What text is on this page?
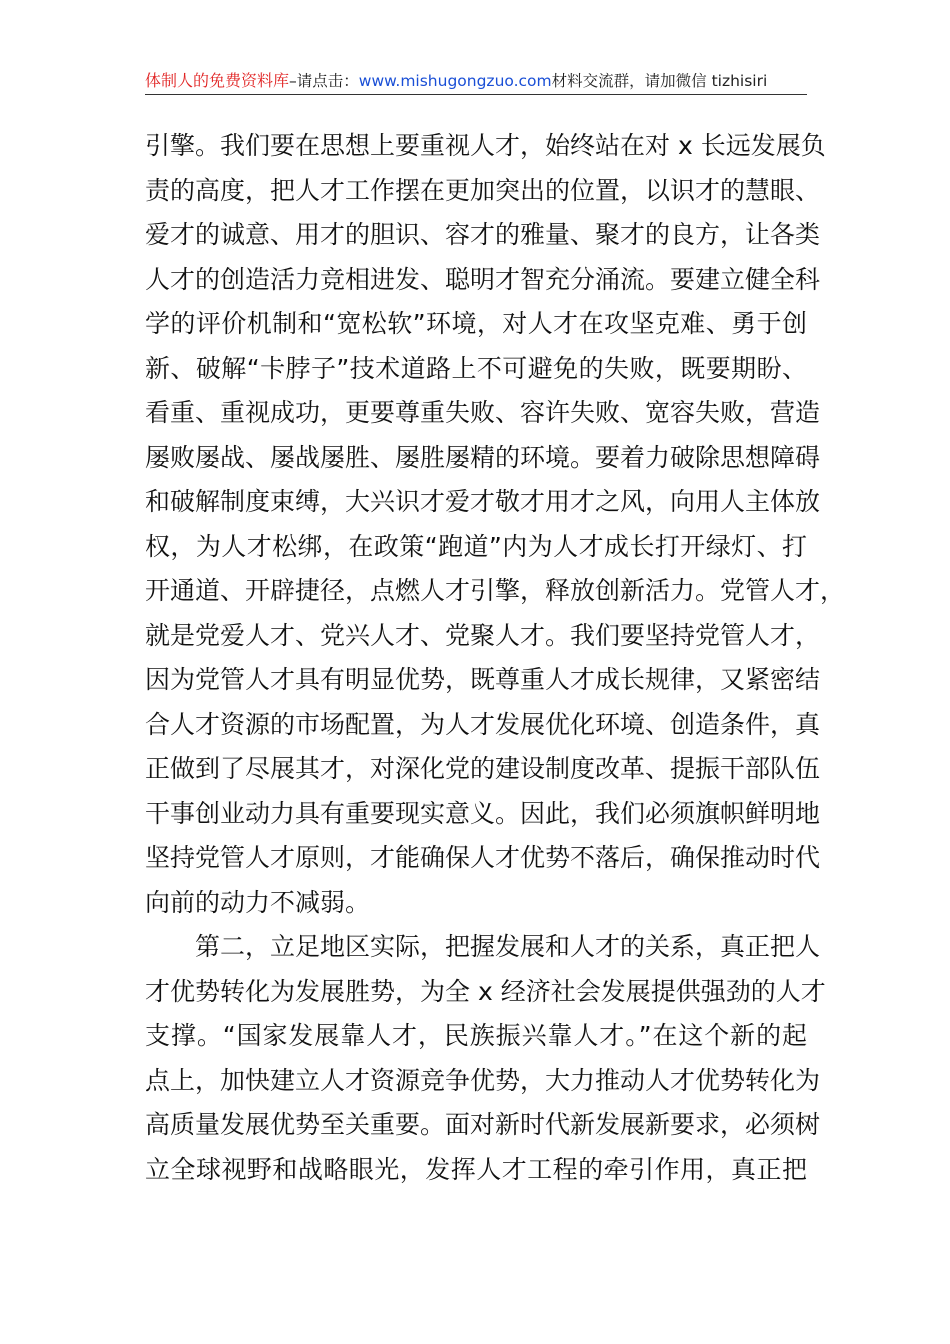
体制人的免费资料库–请点击：www.mishugongzuo.com材料交流群，请加微信 tizhisiri
引擎。我们要在思想上要重视人才，始终站在对 x 长远发展负
责的高度，把人才工作摆在更加突出的位置，以识才的慧眼、
爱才的诚意、用才的胆识、容才的雅量、聚才的良方，让各类
人才的创造活力竞相进发、聪明才智充分涌流。要建立健全科
学的评价机制和“宽松软”环境，对人才在攻坚克难、勇于创
新、破解“卡脖子”技术道路上不可避免的失败，既要期盼、
看重、重视成功，更要尊重失败、容许失败、宽容失败，营造
屡败屡战、屡战屡胜、屡胜屡精的环境。要着力破除思想障碍
和破解制度束缚，大兴识才爱才敬才用才之风，向用人主体放
权，为人才松绑，在政策“跑道”内为人才成长打开绿灯、打
开通道、开辟捷径，点燃人才引擎，释放创新活力。党管人才，
就是党爱人才、党兴人才、党聚人才。我们要坚持党管人才，
因为党管人才具有明显优势，既尊重人才成长规律，又紧密结
合人才资源的市场配置，为人才发展优化环境、创造条件，真
正做到了尽展其才，对深化党的建设制度改革、提振干部队伍
干事创业动力具有重要现实意义。因此，我们必须旗帜鲜明地
坚持党管人才原则，才能确保人才优势不落后，确保推动时代
向前的动力不减弱。
第二，立足地区实际，把握发展和人才的关系，真正把人
才优势转化为发展胜势，为全 x 经济社会发展提供强劲的人才
支撑。“国家发展靠人才，民族振兴靠人才。”在这个新的起
点上，加快建立人才资源竞争优势，大力推动人才优势转化为
高质量发展优势至关重要。面对新时代新发展新要求，必须树
立全球视野和战略眼光，发挥人才工程的牵引作用，真正把
